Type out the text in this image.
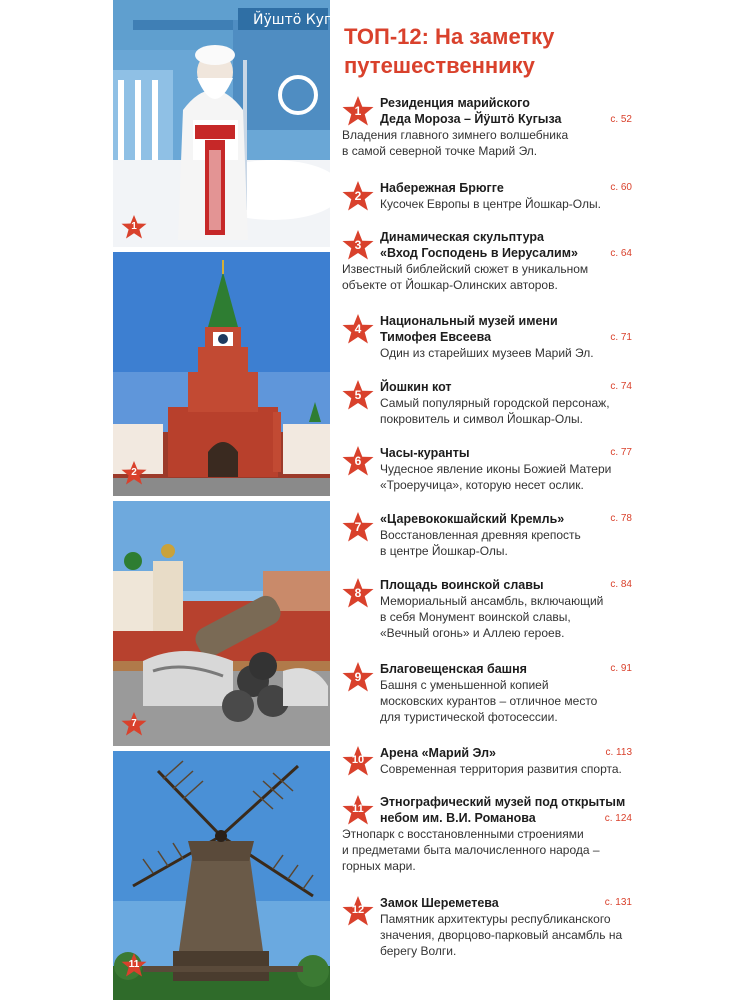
Йӱштӧ Кугыза
1
2
7
11
ТОП-12: На заметку
путешественнику
1
Резиденция марийского
Деда Мороза – Йӱштӧ Кугыза	с. 52
Владения главного зимнего волшебника
в самой северной точке Марий Эл.
2
Набережная Брюгге	с. 60
Кусочек Европы в центре Йошкар-Олы.
3
Динамическая скульптура
«Вход Господень в Иерусалим»	с. 64
Известный библейский сюжет в уникальном
объекте от Йошкар-Олинских авторов.
4
Национальный музей имени
Тимофея Евсеева	с. 71
Один из старейших музеев Марий Эл.
5
Йошкин кот	с. 74
Самый популярный городской персонаж,
покровитель и символ Йошкар-Олы.
6
Часы-куранты	с. 77
Чудесное явление иконы Божией Матери
«Троеручица», которую несет ослик.
7
«Царевококшайский Кремль»	с. 78
Восстановленная древняя крепость
в центре Йошкар-Олы.
8
Площадь воинской славы	с. 84
Мемориальный ансамбль, включающий
в себя Монумент воинской славы,
«Вечный огонь» и Аллею героев.
9
Благовещенская башня	с. 91
Башня с уменьшенной копией
московских курантов – отличное место
для туристической фотосессии.
10	Арена «Марий Эл»	с. 113
Современная территория развития спорта.
11	Этнографический музей под открытым
небом им. В.И. Романова	с. 124
Этнопарк с восстановленными строениями
и предметами быта малочисленного народа –
горных мари.
12	Замок Шереметева	с. 131
Памятник архитектуры республиканского
значения, дворцово-парковый ансамбль на
берегу Волги.
